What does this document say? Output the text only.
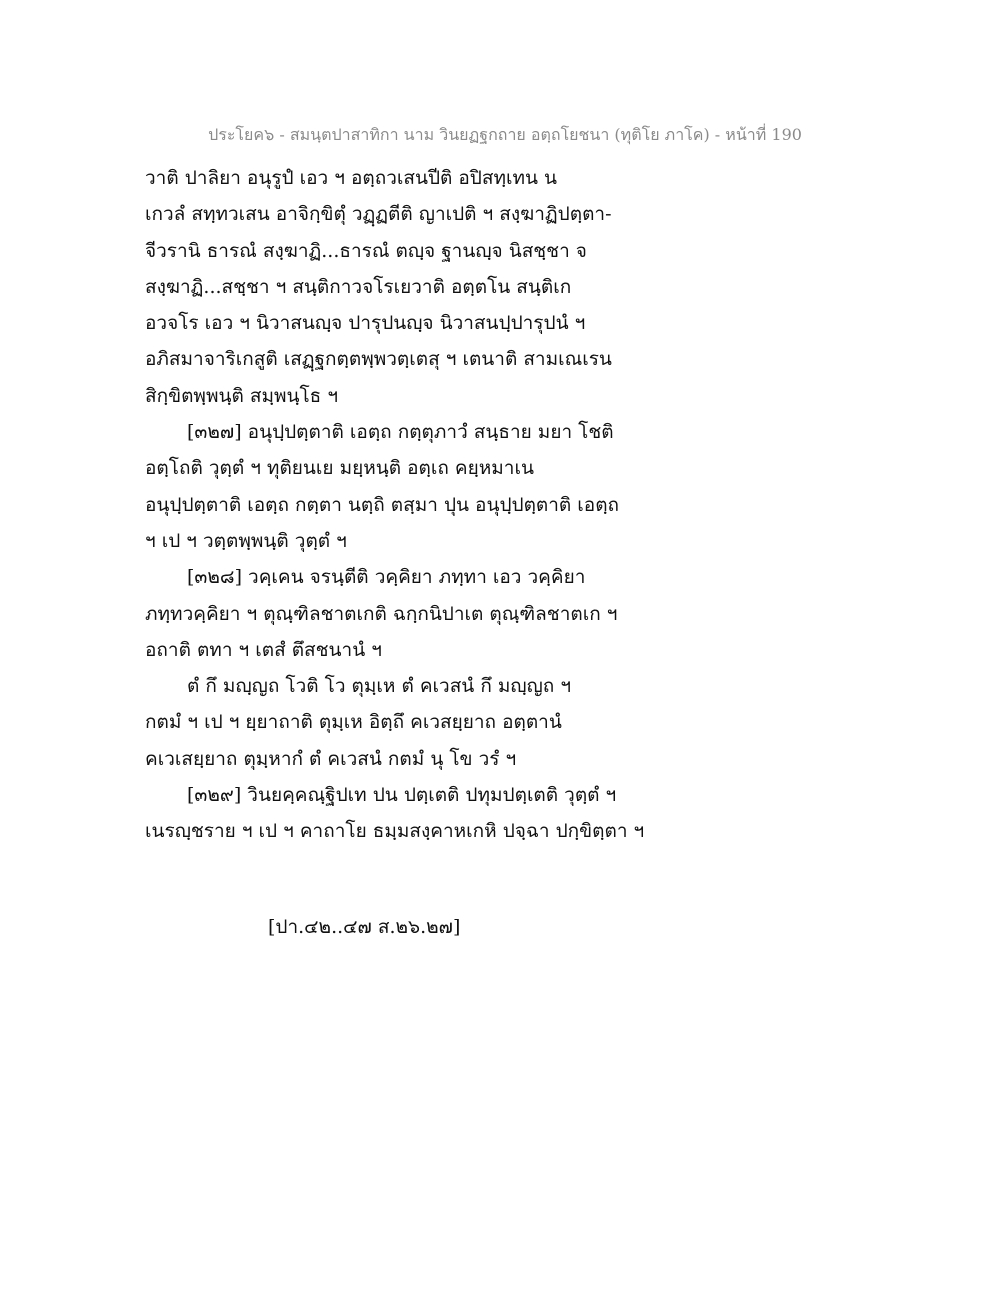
ประโยค๖ - สมนฺตปาสาทิกา นาม วินยฏฐกถาย อตฺถโยชนา (ทุติโย ภาโค) - หน้าที่ 190
วาติ ปาลิยา อนุรูปํ เอว ฯ อตฺถวเสนปีติ อปิสทฺเทน น
เกวลํ สทฺทวเสน อาจิกฺขิตุํ วฏฺฏตีติ ญาเปติ ฯ สงฺฆาฏิปตฺตา-
จีวรานิ ธารณํ สงฺฆาฏิ...ธารณํ ตญฺจ ฐานญฺจ นิสชฺชา จ
สงฺฆาฏิ...สชฺชา ฯ สนฺติกาวจโรเยวาติ อตฺตโน สนฺติเก
อวจโร เอว ฯ นิวาสนญฺจ ปารุปนญฺจ นิวาสนปฺปารุปนํ ฯ
อภิสมาจาริเกสูติ เสฏฺฐกตฺตพฺพวตฺเตสุ ฯ เตนาติ สามเณเรน
สิกฺขิตพฺพนฺติ สมฺพนฺโธ ฯ
[๓๒๗] อนุปฺปตฺตาติ เอตฺถ กตฺตุภาวํ สนฺธาย มยา โชติ
อตฺโถติ วุตฺตํ ฯ ทุติยนเย มยฺหนฺติ อตฺเถ คยฺหมาเน
อนุปฺปตฺตาติ เอตฺถ กตฺตา นตฺถิ ตสฺมา ปุน อนุปฺปตฺตาติ เอตฺถ
ฯ เป ฯ วตฺตพฺพนฺติ วุตฺตํ ฯ
[๓๒๘] วคฺเคน จรนฺตีติ วคฺคิยา ภทฺทา เอว วคฺคิยา
ภทฺทวคฺคิยา ฯ ตุณฺฑิลชาตเกติ ฉกฺกนิปาเต ตุณฺฑิลชาตเก ฯ
อถาติ ตทา ฯ เตสํ ตึสชนานํ ฯ
ตํ กึ มญฺญถ โวติ โว ตุมฺเห ตํ คเวสนํ กึ มญฺญถ ฯ
กตมํ ฯ เป ฯ ยฺยาถาติ ตุมฺเห อิตฺถึ คเวสยฺยาถ อตฺตานํ
คเวเสยฺยาถ ตุมฺหากํ ตํ คเวสนํ กตมํ นุ โข วรํ ฯ
[๓๒๙] วินยคฺคณฺฐิปเท ปน ปตฺเตติ ปทุมปตฺเตติ วุตฺตํ ฯ
เนรญฺชราย ฯ เป ฯ คาถาโย ธมฺมสงฺคาหเกหิ ปจฺฉา ปกฺขิตฺตา ฯ
[ปา.๔๒..๔๗ ส.๒๖.๒๗]
